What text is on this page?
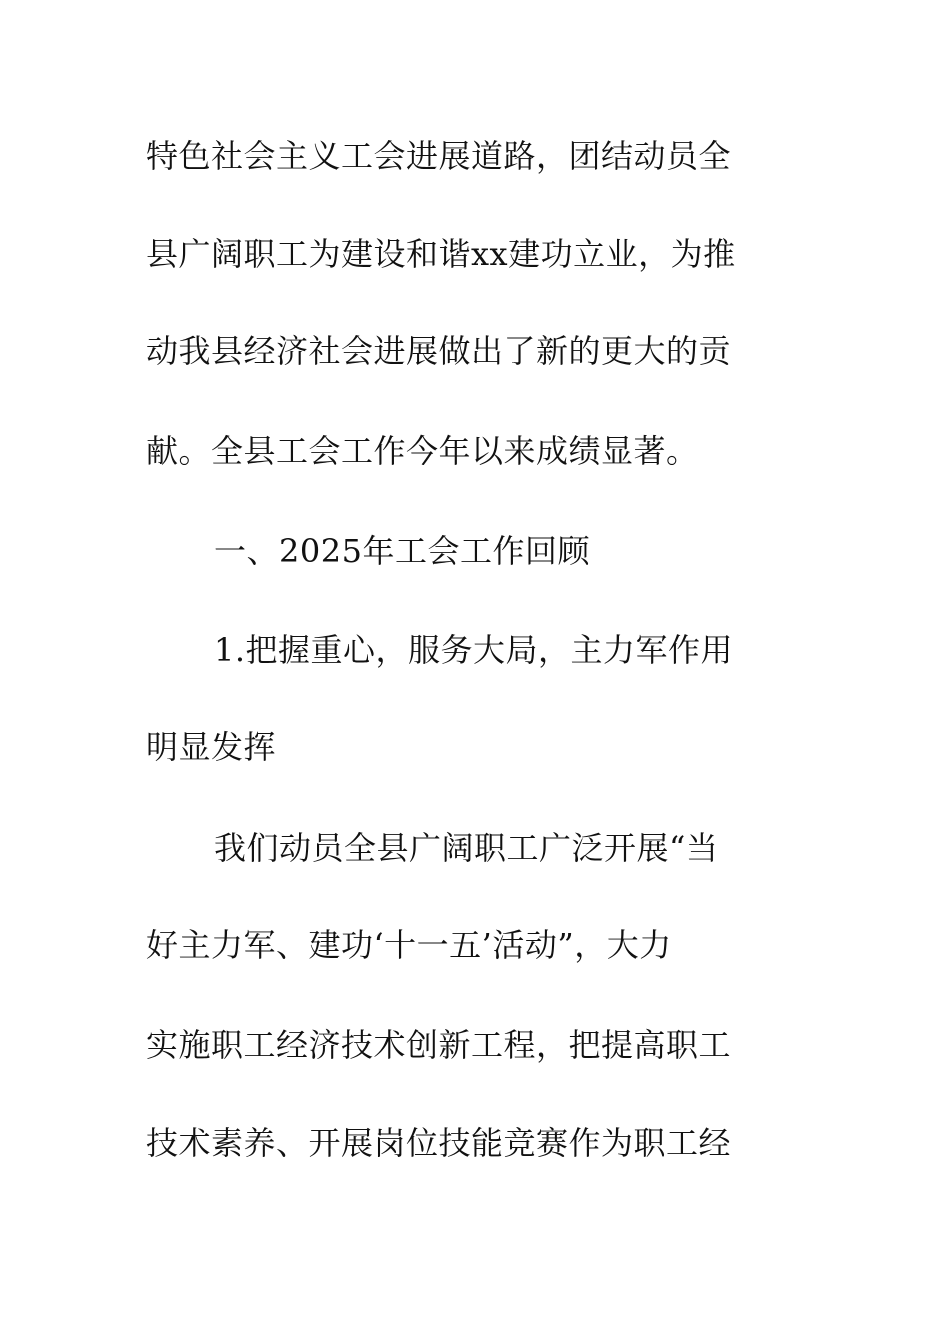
特色社会主义工会进展道路，团结动员全
县广阔职工为建设和谐xx建功立业，为推
动我县经济社会进展做出了新的更大的贡
献。全县工会工作今年以来成绩显著。
一、2025年工会工作回顾
1.把握重心，服务大局，主力军作用
明显发挥
我们动员全县广阔职工广泛开展“当
好主力军、建功‘十一五’活动”，大力
实施职工经济技术创新工程，把提高职工
技术素养、开展岗位技能竞赛作为职工经
